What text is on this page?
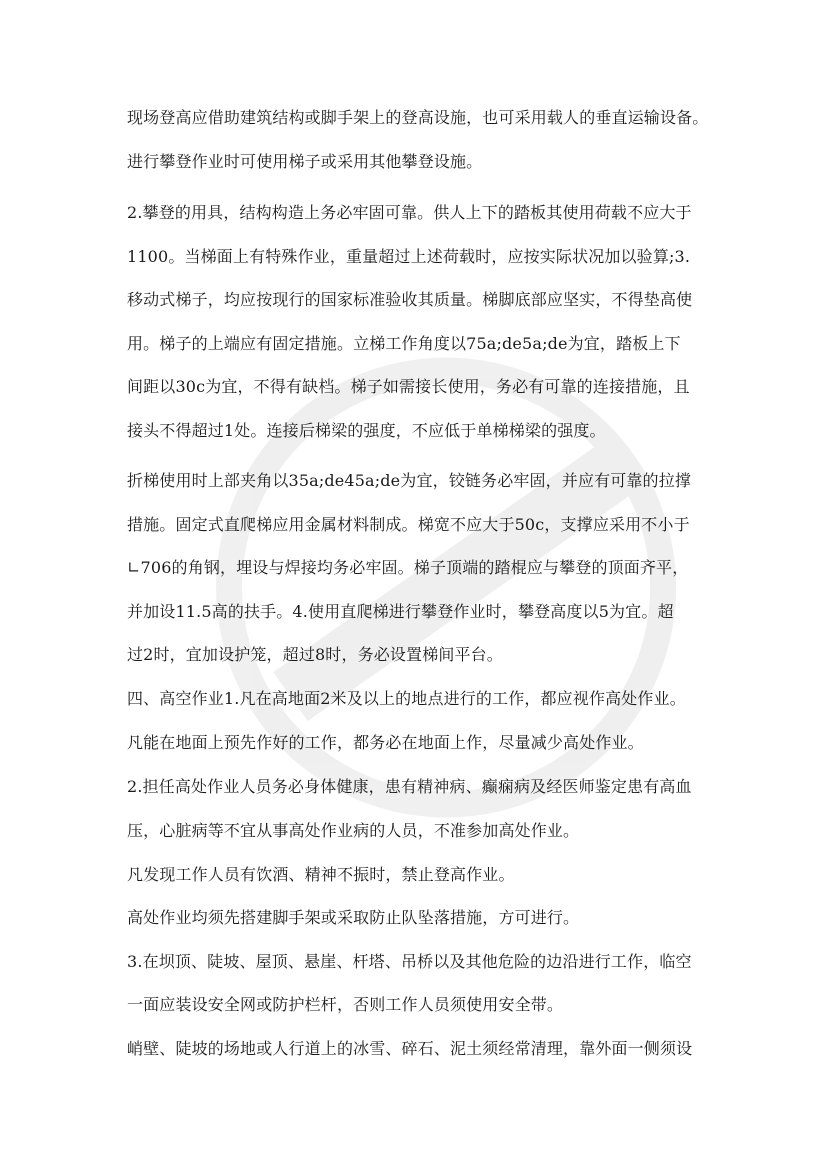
现场登高应借助建筑结构或脚手架上的登高设施，也可采用载人的垂直运输设备。
进行攀登作业时可使用梯子或采用其他攀登设施。
2.攀登的用具，结构构造上务必牢固可靠。供人上下的踏板其使用荷载不应大于
1100。当梯面上有特殊作业，重量超过上述荷载时，应按实际状况加以验算;3.
移动式梯子，均应按现行的国家标准验收其质量。梯脚底部应坚实，不得垫高使
用。梯子的上端应有固定措施。立梯工作角度以75a;de5a;de为宜，踏板上下
间距以30c为宜，不得有缺档。梯子如需接长使用，务必有可靠的连接措施，且
接头不得超过1处。连接后梯梁的强度，不应低于单梯梯梁的强度。
折梯使用时上部夹角以35a;de45a;de为宜，铰链务必牢固，并应有可靠的拉撑
措施。固定式直爬梯应用金属材料制成。梯宽不应大于50c，支撑应采用不小于
∟706的角钢，埋设与焊接均务必牢固。梯子顶端的踏棍应与攀登的顶面齐平，
并加设11.5高的扶手。4.使用直爬梯进行攀登作业时，攀登高度以5为宜。超
过2时，宜加设护笼，超过8时，务必设置梯间平台。
四、高空作业1.凡在高地面2米及以上的地点进行的工作，都应视作高处作业。
凡能在地面上预先作好的工作，都务必在地面上作，尽量减少高处作业。
2.担任高处作业人员务必身体健康，患有精神病、癫痫病及经医师鉴定患有高血
压，心脏病等不宜从事高处作业病的人员，不准参加高处作业。
凡发现工作人员有饮酒、精神不振时，禁止登高作业。
高处作业均须先搭建脚手架或采取防止队坠落措施，方可进行。
3.在坝顶、陡坡、屋顶、悬崖、杆塔、吊桥以及其他危险的边沿进行工作，临空
一面应装设安全网或防护栏杆，否则工作人员须使用安全带。
峭壁、陡坡的场地或人行道上的冰雪、碎石、泥土须经常清理，靠外面一侧须设
